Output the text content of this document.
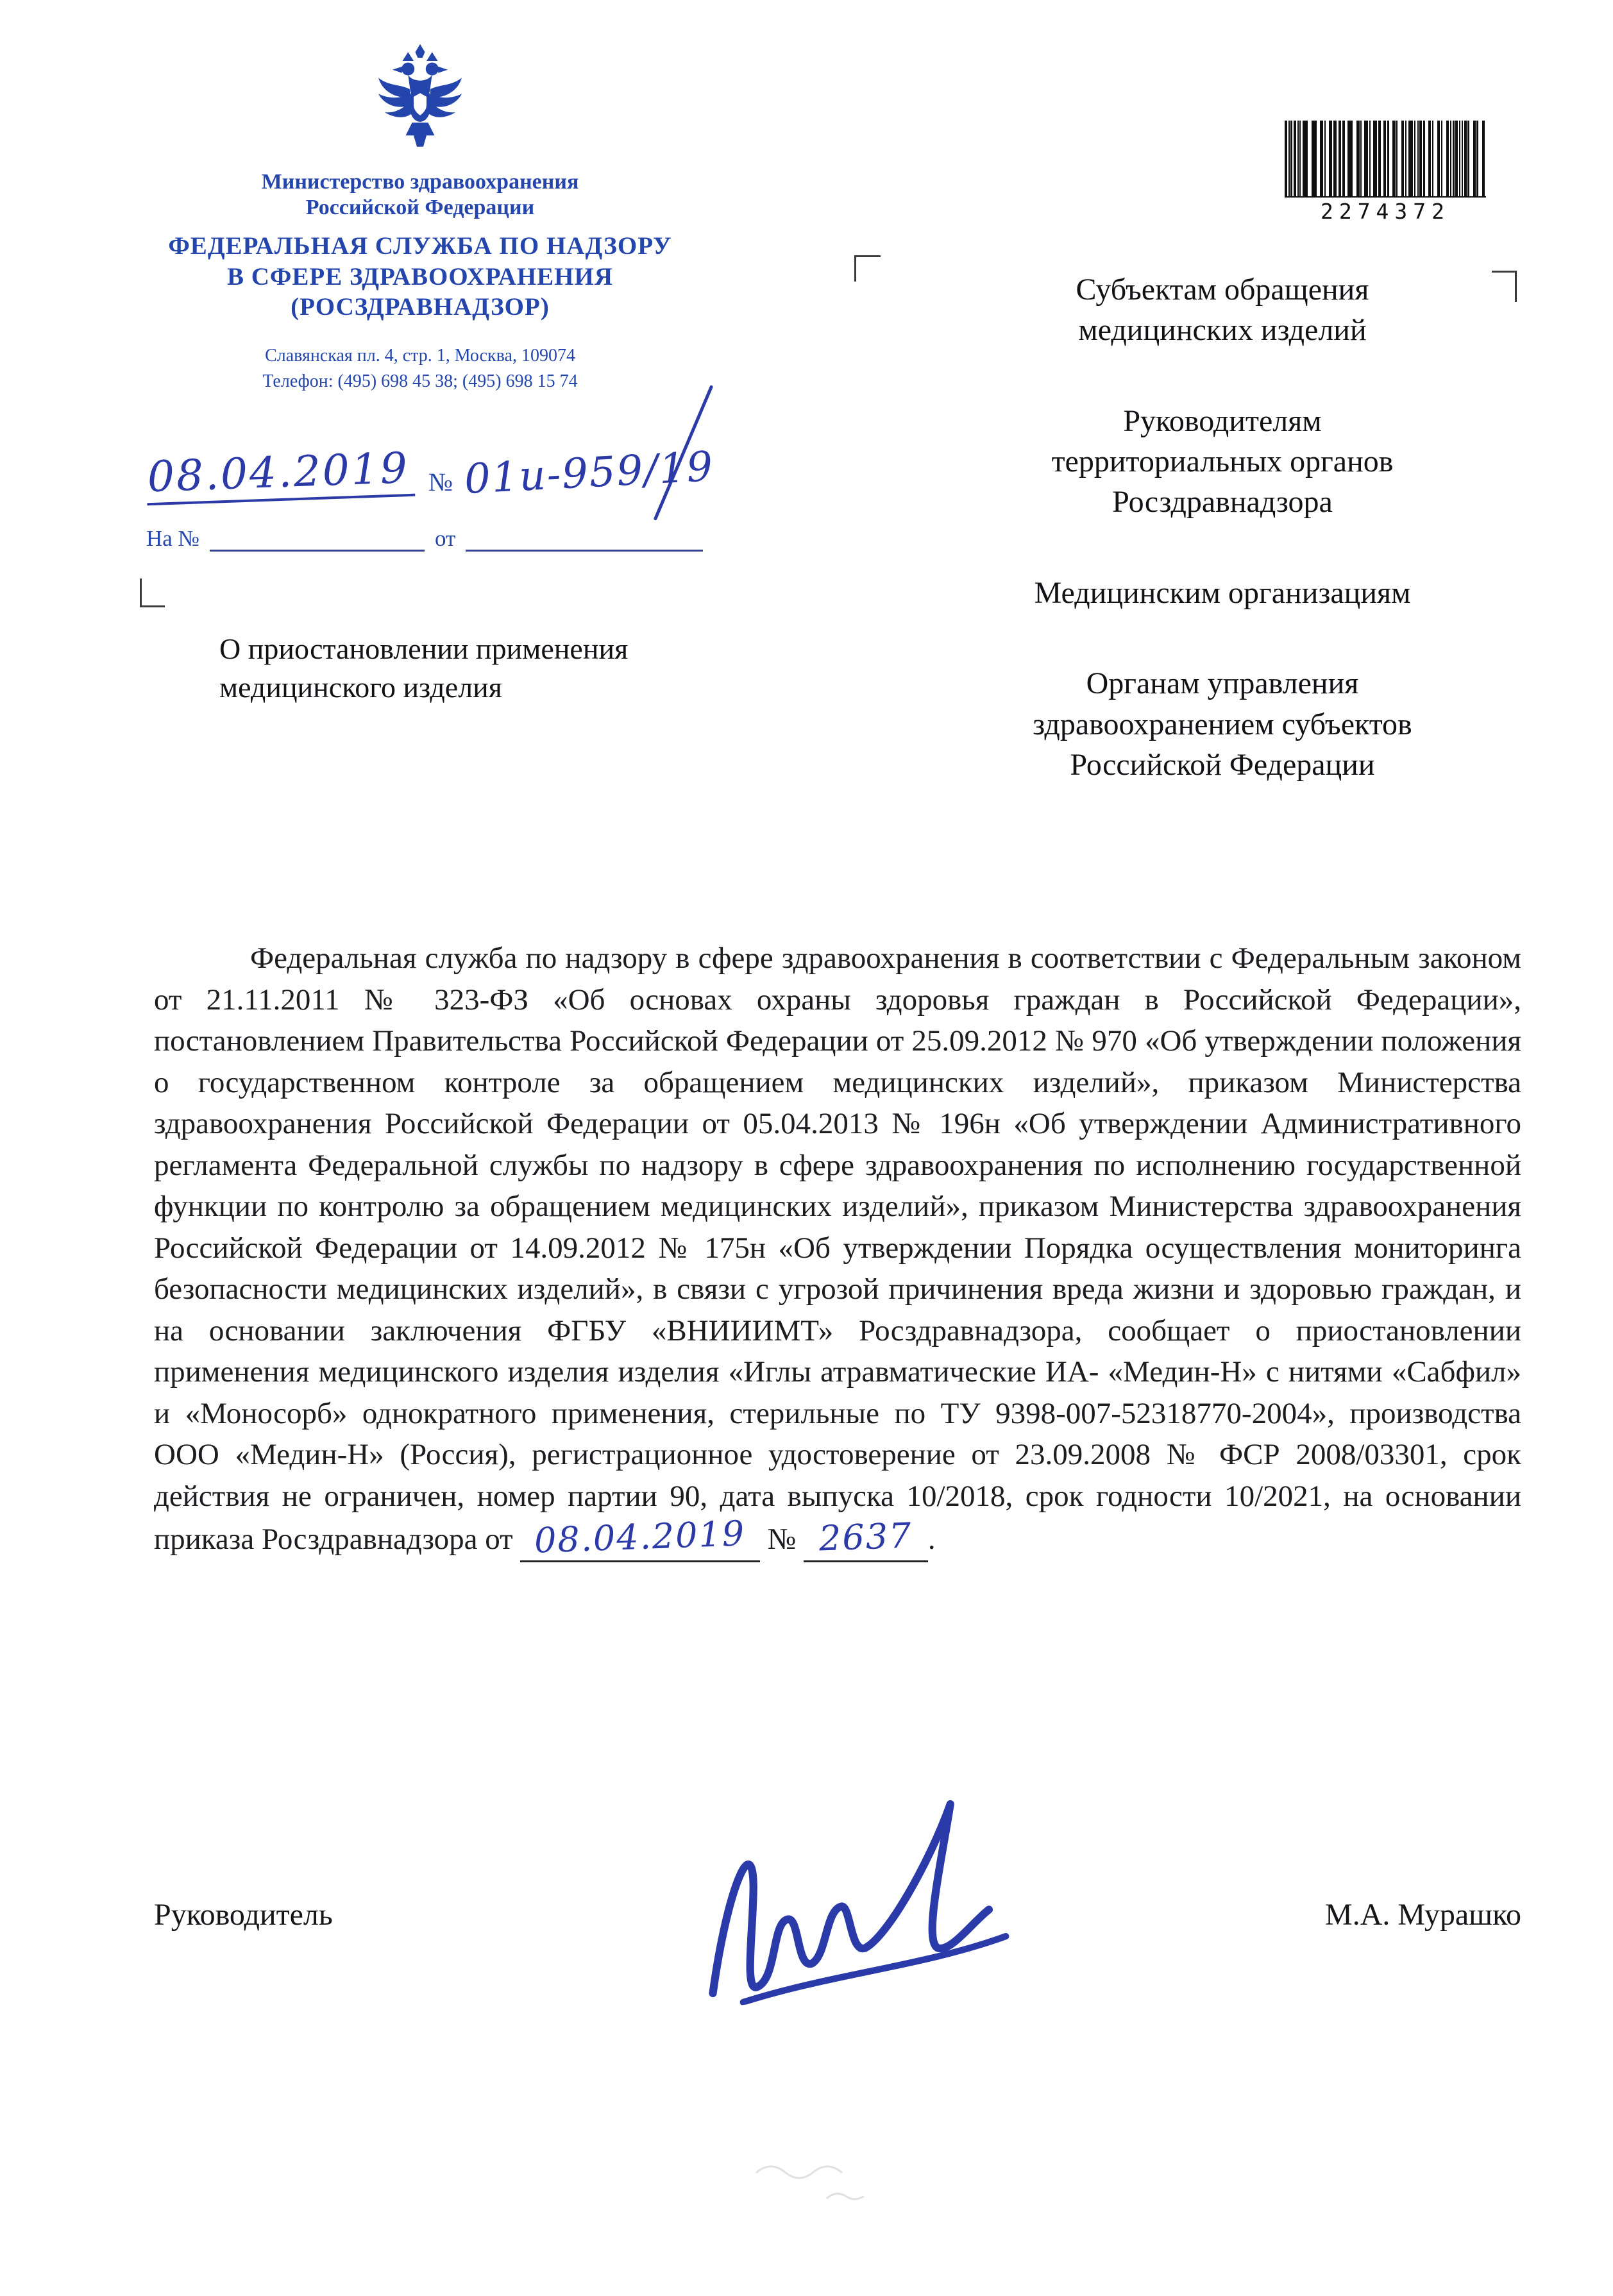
Министерство здравоохранения
Российской Федерации
ФЕДЕРАЛЬНАЯ СЛУЖБА ПО НАДЗОРУ
В СФЕРЕ ЗДРАВООХРАНЕНИЯ
(РОСЗДРАВНАДЗОР)
Славянская пл. 4, стр. 1, Москва, 109074
Телефон: (495) 698 45 38; (495) 698 15 74
08.04.2019 № 01и-959/19
На №	от
2274372
Субъектам обращения медицинских изделий
Руководителям территориальных органов Росздравнадзора
Медицинским организациям
Органам управления здравоохранением субъектов Российской Федерации
О приостановлении применения медицинского изделия
Федеральная служба по надзору в сфере здравоохранения в соответствии с Федеральным законом от 21.11.2011 № 323-ФЗ «Об основах охраны здоровья граждан в Российской Федерации», постановлением Правительства Российской Федерации от 25.09.2012 № 970 «Об утверждении положения о государственном контроле за обращением медицинских изделий», приказом Министерства здравоохранения Российской Федерации от 05.04.2013 № 196н «Об утверждении Административного регламента Федеральной службы по надзору в сфере здравоохранения по исполнению государственной функции по контролю за обращением медицинских изделий», приказом Министерства здравоохранения Российской Федерации от 14.09.2012 № 175н «Об утверждении Порядка осуществления мониторинга безопасности медицинских изделий», в связи с угрозой причинения вреда жизни и здоровью граждан, и на основании заключения ФГБУ «ВНИИИМТ» Росздравнадзора, сообщает о приостановлении применения медицинского изделия изделия «Иглы атравматические ИА- «Медин-Н» с нитями «Сабфил» и «Моносорб» однократного применения, стерильные по ТУ 9398-007-52318770-2004», производства ООО «Медин-Н» (Россия), регистрационное удостоверение от 23.09.2008 № ФСР 2008/03301, срок действия не ограничен, номер партии 90, дата выпуска 10/2018, срок годности 10/2021, на основании приказа Росздравнадзора от 08.04.2019 № 2637 .
Руководитель	М.А. Мурашко
